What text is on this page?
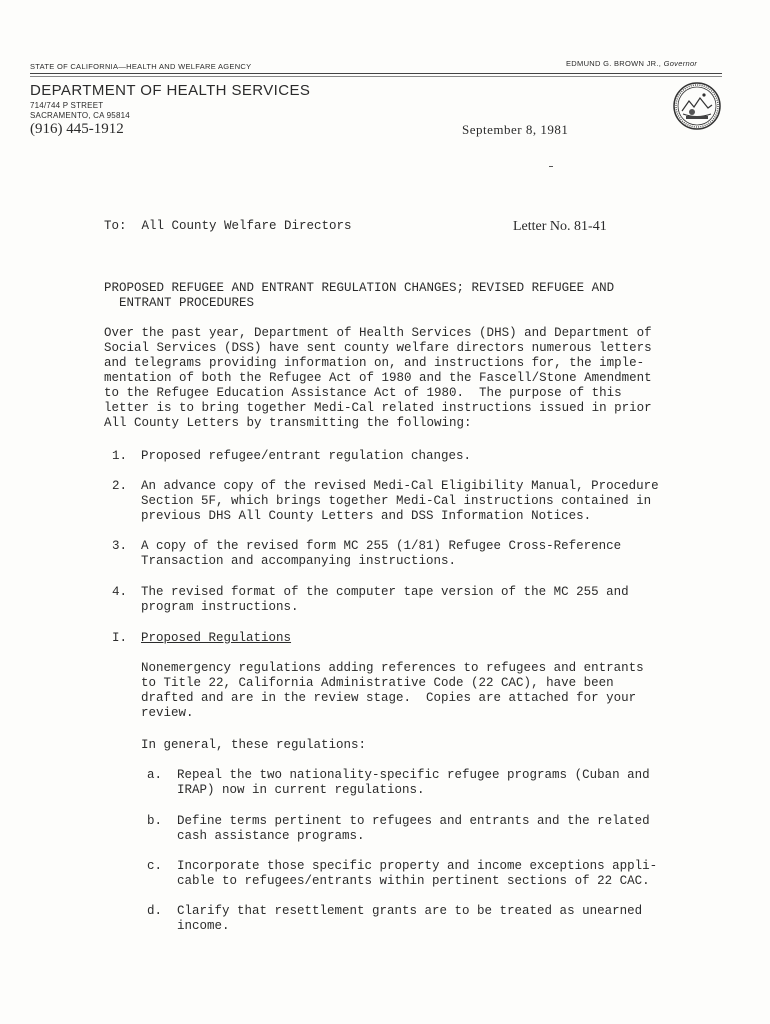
STATE OF CALIFORNIA—HEALTH AND WELFARE AGENCY	EDMUND G. BROWN JR., Governor
DEPARTMENT OF HEALTH SERVICES
714/744 P STREET
SACRAMENTO, CA 95814
(916) 445-1912	September 8, 1981
To:  All County Welfare Directors	Letter No. 81-41
PROPOSED REFUGEE AND ENTRANT REGULATION CHANGES; REVISED REFUGEE AND
ENTRANT PROCEDURES
Over the past year, Department of Health Services (DHS) and Department of
Social Services (DSS) have sent county welfare directors numerous letters
and telegrams providing information on, and instructions for, the imple-
mentation of both the Refugee Act of 1980 and the Fascell/Stone Amendment
to the Refugee Education Assistance Act of 1980.  The purpose of this
letter is to bring together Medi-Cal related instructions issued in prior
All County Letters by transmitting the following:
1. Proposed refugee/entrant regulation changes.
2. An advance copy of the revised Medi-Cal Eligibility Manual, Procedure
Section 5F, which brings together Medi-Cal instructions contained in
previous DHS All County Letters and DSS Information Notices.
3. A copy of the revised form MC 255 (1/81) Refugee Cross-Reference
Transaction and accompanying instructions.
4. The revised format of the computer tape version of the MC 255 and
program instructions.
I. Proposed Regulations
Nonemergency regulations adding references to refugees and entrants
to Title 22, California Administrative Code (22 CAC), have been
drafted and are in the review stage.  Copies are attached for your
review.
In general, these regulations:
a. Repeal the two nationality-specific refugee programs (Cuban and
IRAP) now in current regulations.
b. Define terms pertinent to refugees and entrants and the related
cash assistance programs.
c. Incorporate those specific property and income exceptions appli-
cable to refugees/entrants within pertinent sections of 22 CAC.
d. Clarify that resettlement grants are to be treated as unearned
income.
